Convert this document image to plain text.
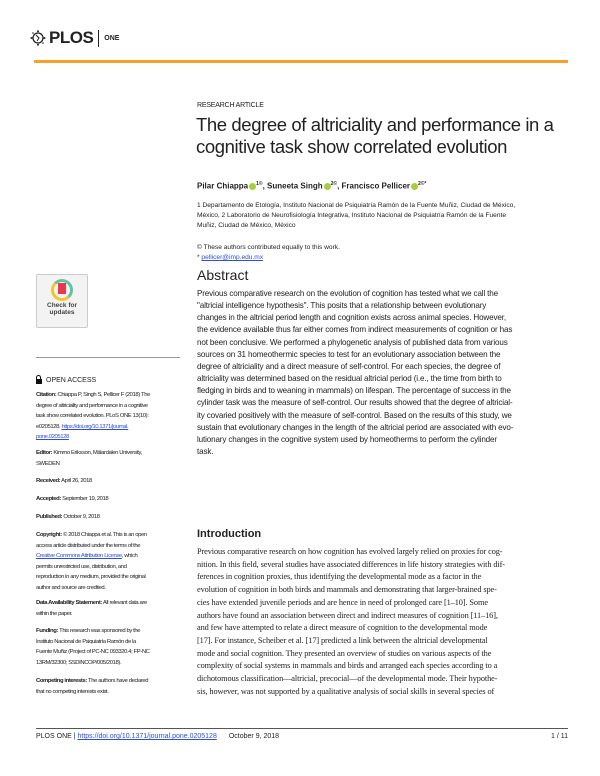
PLOS ONE
RESEARCH ARTICLE
The degree of altriciality and performance in a
cognitive task show correlated evolution
Pilar Chiappa $^{1©}$, Suneeta Singh $^{2©}$, Francisco Pellicer $^{2©*}$
1 Departamento de Etología, Instituto Nacional de Psiquiatría Ramón de la Fuente Muñiz, Ciudad de México,
México, 2 Laboratorio de Neurofisiología Integrativa, Instituto Nacional de Psiquiatría Ramón de la Fuente
Muñiz, Ciudad de México, México
© These authors contributed equally to this work.
* pellicer@imp.edu.mx
Abstract
Previous comparative research on the evolution of cognition has tested what we call the
"altricial intelligence hypothesis". This posits that a relationship between evolutionary
changes in the altricial period length and cognition exists across animal species. However,
the evidence available thus far either comes from indirect measurements of cognition or has
not been conclusive. We performed a phylogenetic analysis of published data from various
sources on 31 homeothermic species to test for an evolutionary association between the
degree of altriciality and a direct measure of self-control. For each species, the degree of
altriciality was determined based on the residual altricial period (i.e., the time from birth to
fledging in birds and to weaning in mammals) on lifespan. The percentage of success in the
cylinder task was the measure of self-control. Our results showed that the degree of altricial-
ity covaried positively with the measure of self-control. Based on the results of this study, we
sustain that evolutionary changes in the length of the altricial period are associated with evo-
lutionary changes in the cognitive system used by homeotherms to perform the cylinder
task.
Introduction
Previous comparative research on how cognition has evolved largely relied on proxies for cog-
nition. In this field, several studies have associated differences in life history strategies with dif-
ferences in cognition proxies, thus identifying the developmental mode as a factor in the
evolution of cognition in both birds and mammals and demonstrating that larger-brained spe-
cies have extended juvenile periods and are hence in need of prolonged care [1–10]. Some
authors have found an association between direct and indirect measures of cognition [11–16],
and few have attempted to relate a direct measure of cognition to the developmental mode
[17]. For instance, Scheiber et al. [17] predicted a link between the altricial developmental
mode and social cognition. They presented an overview of studies on various aspects of the
complexity of social systems in mammals and birds and arranged each species according to a
dichotomous classification—altricial, precocial—of the developmental mode. Their hypothe-
sis, however, was not supported by a qualitative analysis of social skills in several species of
Check for
updates
OPEN ACCESS
Citation: Chiappa P, Singh S, Pellicer F (2018) The
degree of altriciality and performance in a cognitive
task show correlated evolution. PLoS ONE 13(10):
e0205128. https://doi.org/10.1371/journal.
pone.0205128
Editor: Kimmo Eriksson, Mälardalen University,
SWEDEN
Received: April 26, 2018
Accepted: September 19, 2018
Published: October 9, 2018
Copyright: © 2018 Chiappa et al. This is an open
access article distributed under the terms of the
Creative Commons Attribution License, which
permits unrestricted use, distribution, and
reproduction in any medium, provided the original
author and source are credited.
Data Availability Statement: All relevant data are
within the paper.
Funding: This research was sponsored by the
Instituto Nacional de Psiquiatría Ramón de la
Fuente Muñiz (Project of PC-NC 093320.4; FP-NC
13RM/32300; SSDINCOP/005/2018).
Competing interests: The authors have declared
that no competing interests exist.
PLOS ONE | https://doi.org/10.1371/journal.pone.0205128 October 9, 2018	1 / 11
